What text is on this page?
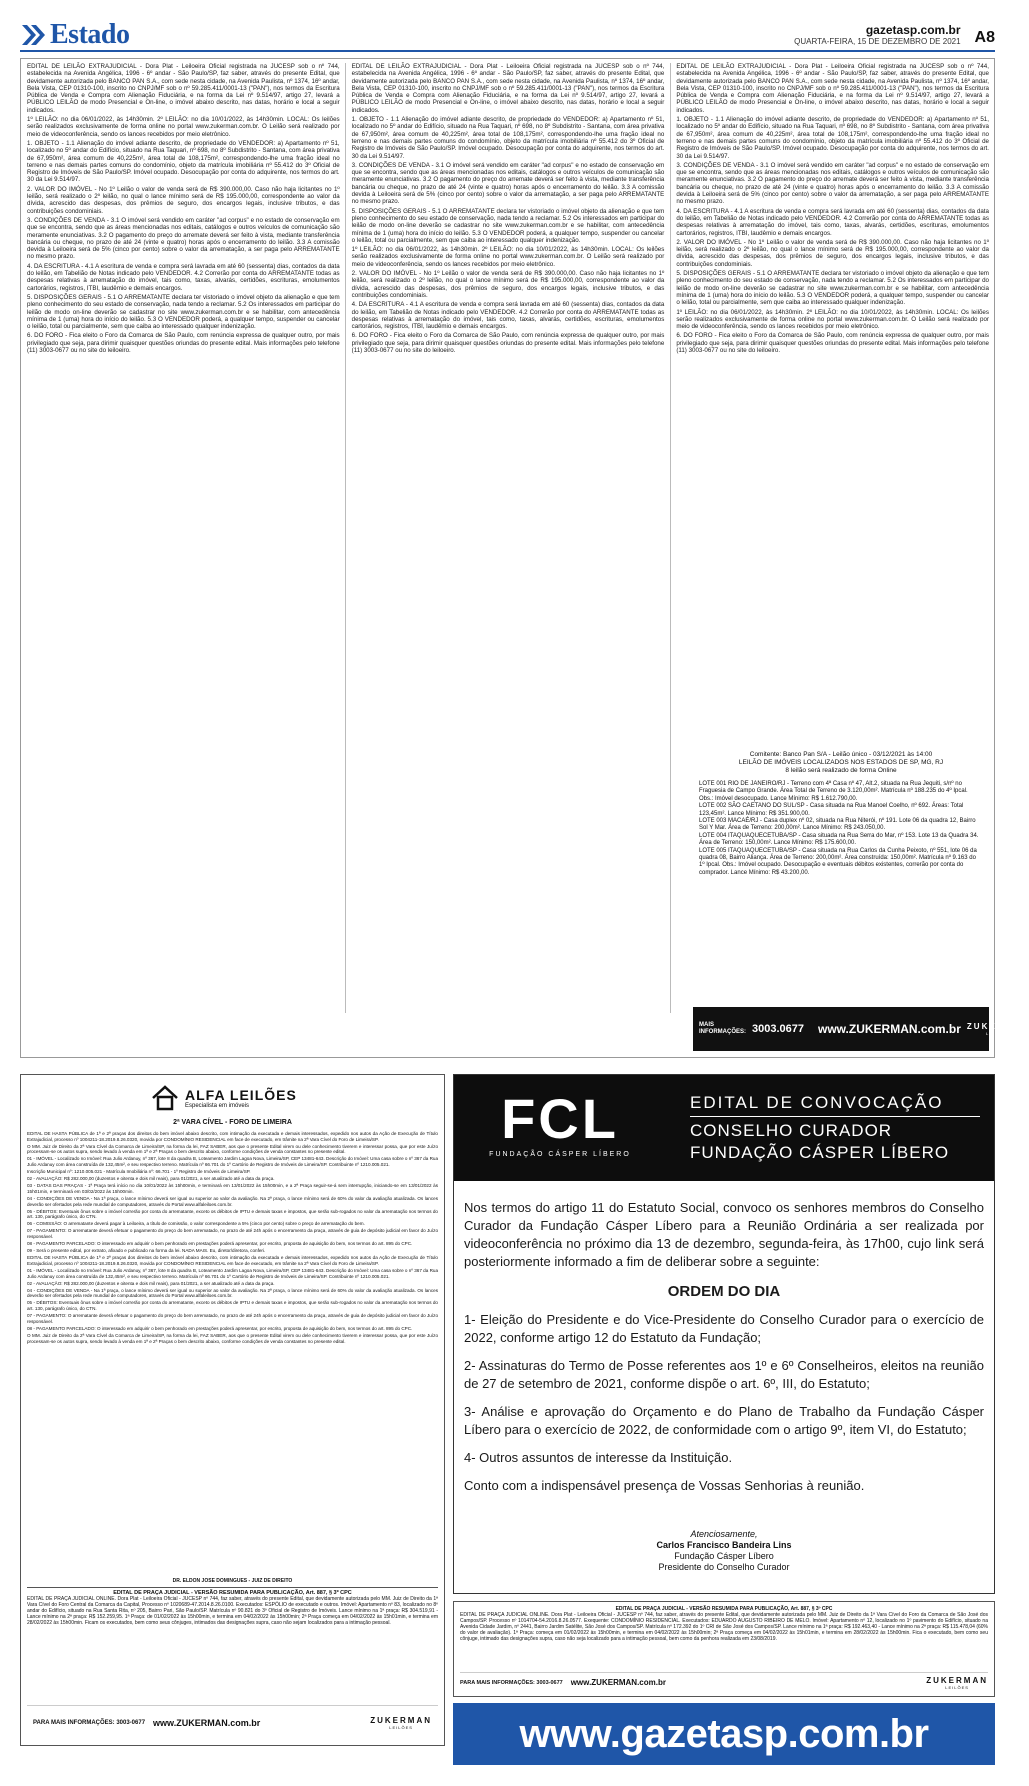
Estado	gazetasp.com.br
QUARTA-FEIRA, 15 DE DEZEMBRO DE 2021 A8

EDITAL DE LEILÃO EXTRAJUDICIAL - Dora Plat - Leiloeira Oficial registrada na JUCESP sob o nº 744, estabelecida na Avenida Angélica, 1996 - 6º andar - São Paulo/SP, faz saber, através do presente Edital, que devidamente autorizada pelo BANCO PAN S.A., com sede nesta cidade, na Avenida Paulista, nº 1374, 16º andar, Bela Vista, CEP 01310-100, inscrito no CNPJ/MF sob o nº 59.285.411/0001-13 ("PAN"), nos termos da Escritura Pública de Venda e Compra com Alienação Fiduciária, e na forma da Lei nº 9.514/97, artigo 27, levará a PÚBLICO LEILÃO de modo Presencial e On-line, o imóvel abaixo descrito, nas datas, horário e local a seguir indicados.

1º LEILÃO: no dia 06/01/2022, às 14h30min. 2º LEILÃO: no dia 10/01/2022, às 14h30min. LOCAL: Os leilões serão realizados exclusivamente de forma online no portal www.zukerman.com.br. O Leilão será realizado por meio de videoconferência, sendo os lances recebidos por meio eletrônico.

1. OBJETO - 1.1 Alienação do imóvel adiante descrito, de propriedade do VENDEDOR: a) Apartamento nº 51, localizado no 5º andar do Edifício, situado na Rua Taquari, nº 698, no 8º Subdistrito - Santana, com área privativa de 67,950m², área comum de 40,225m², área total de 108,175m², correspondendo-lhe uma fração ideal no terreno e nas demais partes comuns do condomínio, objeto da matrícula imobiliária nº 55.412 do 3º Oficial de Registro de Imóveis de São Paulo/SP. Imóvel ocupado. Desocupação por conta do adquirente, nos termos do art. 30 da Lei 9.514/97.

2. VALOR DO IMÓVEL - No 1º Leilão o valor de venda será de R$ 390.000,00. Caso não haja licitantes no 1º leilão, será realizado o 2º leilão, no qual o lance mínimo será de R$ 195.000,00, correspondente ao valor da dívida, acrescido das despesas, dos prêmios de seguro, dos encargos legais, inclusive tributos, e das contribuições condominiais.

3. CONDIÇÕES DE VENDA - 3.1 O imóvel será vendido em caráter "ad corpus" e no estado de conservação em que se encontra, sendo que as áreas mencionadas nos editais, catálogos e outros veículos de comunicação são meramente enunciativas. 3.2 O pagamento do preço do arremate deverá ser feito à vista, mediante transferência bancária ou cheque, no prazo de até 24 (vinte e quatro) horas após o encerramento do leilão. 3.3 A comissão devida à Leiloeira será de 5% (cinco por cento) sobre o valor da arrematação, a ser paga pelo ARREMATANTE no mesmo prazo.

4. DA ESCRITURA - 4.1 A escritura de venda e compra será lavrada em até 60 (sessenta) dias, contados da data do leilão, em Tabelião de Notas indicado pelo VENDEDOR. 4.2 Correrão por conta do ARREMATANTE todas as despesas relativas à arrematação do imóvel, tais como, taxas, alvarás, certidões, escrituras, emolumentos cartorários, registros, ITBI, laudêmio e demais encargos.

5. DISPOSIÇÕES GERAIS - 5.1 O ARREMATANTE declara ter vistoriado o imóvel objeto da alienação e que tem pleno conhecimento do seu estado de conservação, nada tendo a reclamar. 5.2 Os interessados em participar do leilão de modo on-line deverão se cadastrar no site www.zukerman.com.br e se habilitar, com antecedência mínima de 1 (uma) hora do início do leilão. 5.3 O VENDEDOR poderá, a qualquer tempo, suspender ou cancelar o leilão, total ou parcialmente, sem que caiba ao interessado qualquer indenização.

6. DO FORO - Fica eleito o Foro da Comarca de São Paulo, com renúncia expressa de qualquer outro, por mais privilegiado que seja, para dirimir quaisquer questões oriundas do presente edital. Mais informações pelo telefone (11) 3003-0677 ou no site do leiloeiro.

EDITAL DE LEILÃO EXTRAJUDICIAL - Dora Plat - Leiloeira Oficial registrada na JUCESP sob o nº 744, estabelecida na Avenida Angélica, 1996 - 6º andar - São Paulo/SP, faz saber, através do presente Edital, que devidamente autorizada pelo BANCO PAN S.A., com sede nesta cidade, na Avenida Paulista, nº 1374, 16º andar, Bela Vista, CEP 01310-100, inscrito no CNPJ/MF sob o nº 59.285.411/0001-13 ("PAN"), nos termos da Escritura Pública de Venda e Compra com Alienação Fiduciária, e na forma da Lei nº 9.514/97, artigo 27, levará a PÚBLICO LEILÃO de modo Presencial e On-line, o imóvel abaixo descrito, nas datas, horário e local a seguir indicados.

1. OBJETO - 1.1 Alienação do imóvel adiante descrito, de propriedade do VENDEDOR: a) Apartamento nº 51, localizado no 5º andar do Edifício, situado na Rua Taquari, nº 698, no 8º Subdistrito - Santana, com área privativa de 67,950m², área comum de 40,225m², área total de 108,175m², correspondendo-lhe uma fração ideal no terreno e nas demais partes comuns do condomínio, objeto da matrícula imobiliária nº 55.412 do 3º Oficial de Registro de Imóveis de São Paulo/SP. Imóvel ocupado. Desocupação por conta do adquirente, nos termos do art. 30 da Lei 9.514/97.

3. CONDIÇÕES DE VENDA - 3.1 O imóvel será vendido em caráter "ad corpus" e no estado de conservação em que se encontra, sendo que as áreas mencionadas nos editais, catálogos e outros veículos de comunicação são meramente enunciativas. 3.2 O pagamento do preço do arremate deverá ser feito à vista, mediante transferência bancária ou cheque, no prazo de até 24 (vinte e quatro) horas após o encerramento do leilão. 3.3 A comissão devida à Leiloeira será de 5% (cinco por cento) sobre o valor da arrematação, a ser paga pelo ARREMATANTE no mesmo prazo.

5. DISPOSIÇÕES GERAIS - 5.1 O ARREMATANTE declara ter vistoriado o imóvel objeto da alienação e que tem pleno conhecimento do seu estado de conservação, nada tendo a reclamar. 5.2 Os interessados em participar do leilão de modo on-line deverão se cadastrar no site www.zukerman.com.br e se habilitar, com antecedência mínima de 1 (uma) hora do início do leilão. 5.3 O VENDEDOR poderá, a qualquer tempo, suspender ou cancelar o leilão, total ou parcialmente, sem que caiba ao interessado qualquer indenização.

1º LEILÃO: no dia 06/01/2022, às 14h30min. 2º LEILÃO: no dia 10/01/2022, às 14h30min. LOCAL: Os leilões serão realizados exclusivamente de forma online no portal www.zukerman.com.br. O Leilão será realizado por meio de videoconferência, sendo os lances recebidos por meio eletrônico.

2. VALOR DO IMÓVEL - No 1º Leilão o valor de venda será de R$ 390.000,00. Caso não haja licitantes no 1º leilão, será realizado o 2º leilão, no qual o lance mínimo será de R$ 195.000,00, correspondente ao valor da dívida, acrescido das despesas, dos prêmios de seguro, dos encargos legais, inclusive tributos, e das contribuições condominiais.

4. DA ESCRITURA - 4.1 A escritura de venda e compra será lavrada em até 60 (sessenta) dias, contados da data do leilão, em Tabelião de Notas indicado pelo VENDEDOR. 4.2 Correrão por conta do ARREMATANTE todas as despesas relativas à arrematação do imóvel, tais como, taxas, alvarás, certidões, escrituras, emolumentos cartorários, registros, ITBI, laudêmio e demais encargos.

6. DO FORO - Fica eleito o Foro da Comarca de São Paulo, com renúncia expressa de qualquer outro, por mais privilegiado que seja, para dirimir quaisquer questões oriundas do presente edital. Mais informações pelo telefone (11) 3003-0677 ou no site do leiloeiro.

EDITAL DE LEILÃO EXTRAJUDICIAL - Dora Plat - Leiloeira Oficial registrada na JUCESP sob o nº 744, estabelecida na Avenida Angélica, 1996 - 6º andar - São Paulo/SP, faz saber, através do presente Edital, que devidamente autorizada pelo BANCO PAN S.A., com sede nesta cidade, na Avenida Paulista, nº 1374, 16º andar, Bela Vista, CEP 01310-100, inscrito no CNPJ/MF sob o nº 59.285.411/0001-13 ("PAN"), nos termos da Escritura Pública de Venda e Compra com Alienação Fiduciária, e na forma da Lei nº 9.514/97, artigo 27, levará a PÚBLICO LEILÃO de modo Presencial e On-line, o imóvel abaixo descrito, nas datas, horário e local a seguir indicados.

1. OBJETO - 1.1 Alienação do imóvel adiante descrito, de propriedade do VENDEDOR: a) Apartamento nº 51, localizado no 5º andar do Edifício, situado na Rua Taquari, nº 698, no 8º Subdistrito - Santana, com área privativa de 67,950m², área comum de 40,225m², área total de 108,175m², correspondendo-lhe uma fração ideal no terreno e nas demais partes comuns do condomínio, objeto da matrícula imobiliária nº 55.412 do 3º Oficial de Registro de Imóveis de São Paulo/SP. Imóvel ocupado. Desocupação por conta do adquirente, nos termos do art. 30 da Lei 9.514/97.

3. CONDIÇÕES DE VENDA - 3.1 O imóvel será vendido em caráter "ad corpus" e no estado de conservação em que se encontra, sendo que as áreas mencionadas nos editais, catálogos e outros veículos de comunicação são meramente enunciativas. 3.2 O pagamento do preço do arremate deverá ser feito à vista, mediante transferência bancária ou cheque, no prazo de até 24 (vinte e quatro) horas após o encerramento do leilão. 3.3 A comissão devida à Leiloeira será de 5% (cinco por cento) sobre o valor da arrematação, a ser paga pelo ARREMATANTE no mesmo prazo.

4. DA ESCRITURA - 4.1 A escritura de venda e compra será lavrada em até 60 (sessenta) dias, contados da data do leilão, em Tabelião de Notas indicado pelo VENDEDOR. 4.2 Correrão por conta do ARREMATANTE todas as despesas relativas à arrematação do imóvel, tais como, taxas, alvarás, certidões, escrituras, emolumentos cartorários, registros, ITBI, laudêmio e demais encargos.

2. VALOR DO IMÓVEL - No 1º Leilão o valor de venda será de R$ 390.000,00. Caso não haja licitantes no 1º leilão, será realizado o 2º leilão, no qual o lance mínimo será de R$ 195.000,00, correspondente ao valor da dívida, acrescido das despesas, dos prêmios de seguro, dos encargos legais, inclusive tributos, e das contribuições condominiais.

5. DISPOSIÇÕES GERAIS - 5.1 O ARREMATANTE declara ter vistoriado o imóvel objeto da alienação e que tem pleno conhecimento do seu estado de conservação, nada tendo a reclamar. 5.2 Os interessados em participar do leilão de modo on-line deverão se cadastrar no site www.zukerman.com.br e se habilitar, com antecedência mínima de 1 (uma) hora do início do leilão. 5.3 O VENDEDOR poderá, a qualquer tempo, suspender ou cancelar o leilão, total ou parcialmente, sem que caiba ao interessado qualquer indenização.

1º LEILÃO: no dia 06/01/2022, às 14h30min. 2º LEILÃO: no dia 10/01/2022, às 14h30min. LOCAL: Os leilões serão realizados exclusivamente de forma online no portal www.zukerman.com.br. O Leilão será realizado por meio de videoconferência, sendo os lances recebidos por meio eletrônico.

6. DO FORO - Fica eleito o Foro da Comarca de São Paulo, com renúncia expressa de qualquer outro, por mais privilegiado que seja, para dirimir quaisquer questões oriundas do presente edital. Mais informações pelo telefone (11) 3003-0677 ou no site do leiloeiro.

Comitente: Banco Pan S/A - Leilão único - 03/12/2021 às 14:00
LEILÃO DE IMÓVEIS LOCALIZADOS NOS ESTADOS DE SP, MG, RJ
8 leilão será realizado de forma Online

LOTE 001 RIO DE JANEIRO/RJ - Terreno com 4ª Casa nº 47, Alt.2, situada na Rua Jequiti, s/nº no Fraguesia de Campo Grande. Área Total de Terreno de 3.120,00m². Matrícula nº 188.235 do 4º Ipcal. Obs.: Imóvel desocupado. Lance Mínimo: R$ 1.612.790,00.

LOTE 002 SÃO CAETANO DO SUL/SP - Casa situada na Rua Manoel Coelho, nº 692. Áreas: Total 123,45m². Lance Mínimo: R$ 351.900,00.

LOTE 003 MACAÉ/RJ - Casa duplex nº 02, situada na Rua Niterói, nº 191. Lote 06 da quadra 12, Bairro Sol Y Mar. Área de Terreno: 200,00m². Lance Mínimo: R$ 243.050,00.

LOTE 004 ITAQUAQUECETUBA/SP - Casa situada na Rua Serra do Mar, nº 153. Lote 13 da Quadra 34. Área de Terreno: 150,00m². Lance Mínimo: R$ 175.600,00.

LOTE 005 ITAQUAQUECETUBA/SP - Casa situada na Rua Carlos da Cunha Peixoto, nº 551, lote 06 da quadra 08, Bairro Aliança. Área de Terreno: 200,00m². Área construída: 150,00m². Matrícula nº 9.163 do 1º Ipcal. Obs.: Imóvel ocupado. Desocupação e eventuais débitos existentes, correrão por conta do comprador. Lance Mínimo: R$ 43.200,00.

MAIS INFORMAÇÕES: 3003.0677 www.ZUKERMAN.com.br ZUKERMAN
LEILÕES
ALFA LEILÕES
Especialista em imóveis
2ª VARA CÍVEL - FORO DE LIMEIRA

EDITAL DE HASTA PÚBLICA de 1ª e 2ª praças dos direitos do bem imóvel abaixo descrito, com intimação da executada e demais interessados, expedido nos autos da Ação de Execução de Título Extrajudicial, processo nº 1004211-18.2019.8.26.0320, movida por CONDOMÍNIO RESIDENCIAL em face de executado, em trâmite na 2ª Vara Cível do Foro de Limeira/SP.

O MM. Juiz de Direito da 2ª Vara Cível da Comarca de Limeira/SP, na forma da lei, FAZ SABER, aos que o presente Edital virem ou dele conhecimento tiverem e interessar possa, que por este Juízo processam-se os autos supra, sendo levado à venda em 1ª e 2ª Praças o bem descrito abaixo, conforme condições de venda constantes no presente edital.

01 - IMÓVEL - Localizado no Imóvel: Rua Julio Ardanuy, nº 367, lote 8 da quadra B, Loteamento Jardim Lagoa Nova, Limeira/SP, CEP 13481-643. Descrição do Imóvel: Uma casa sobre o nº 367 da Rua Julio Ardanuy com área construída de 132,45m², e seu respectivo terreno. Matrícula nº 66.701 do 1º Cartório de Registro de Imóveis de Limeira/SP. Contribuinte nº 1210.005.021.

Inscrição Municipal nº: 1210.005.021 - Matrícula Imobiliária nº: 66.701 - 1º Registro de Imóveis de Limeira/SP.

02 - AVALIAÇÃO: R$ 282.000,00 (duzentos e oitenta e dois mil reais), para 01/2021, a ser atualizado até a data da praça.

03 - DATAS DAS PRAÇAS - 1ª Praça terá início no dia 10/01/2022 às 15h00min, e terminará em 13/01/2022 às 15h00min, e a 2ª Praça seguir-se-á sem interrupção, iniciando-se em 13/01/2022 às 15h01min, e terminará em 03/02/2022 às 15h00min.

04 - CONDIÇÕES DE VENDA - Na 1ª praça, o lance mínimo deverá ser igual ou superior ao valor da avaliação. Na 2ª praça, o lance mínimo será de 60% do valor da avaliação atualizada. Os lances deverão ser ofertados pela rede mundial de computadores, através do Portal www.alfaleiloes.com.br.

05 - DÉBITOS: Eventuais ônus sobre o imóvel correrão por conta do arrematante, exceto os débitos de IPTU e demais taxas e impostos, que serão sub-rogados no valor da arrematação nos termos do art. 130, parágrafo único, do CTN.

06 - COMISSÃO: O arrematante deverá pagar à Leiloeira, a título de comissão, o valor correspondente a 5% (cinco por cento) sobre o preço de arrematação do bem.

07 - PAGAMENTO: O arrematante deverá efetuar o pagamento do preço do bem arrematado, no prazo de até 24h após o encerramento da praça, através de guia de depósito judicial em favor do Juízo responsável.

08 - PAGAMENTO PARCELADO: O interessado em adquirir o bem penhorado em prestações poderá apresentar, por escrito, proposta de aquisição do bem, nos termos do art. 895 do CPC.

09 - Será o presente edital, por extrato, afixado e publicado na forma da lei. NADA MAIS. Eu, diretor/diretora, conferi.

EDITAL DE HASTA PÚBLICA de 1ª e 2ª praças dos direitos do bem imóvel abaixo descrito, com intimação da executada e demais interessados, expedido nos autos da Ação de Execução de Título Extrajudicial, processo nº 1004211-18.2019.8.26.0320, movida por CONDOMÍNIO RESIDENCIAL em face de executado, em trâmite na 2ª Vara Cível do Foro de Limeira/SP.

01 - IMÓVEL - Localizado no Imóvel: Rua Julio Ardanuy, nº 367, lote 8 da quadra B, Loteamento Jardim Lagoa Nova, Limeira/SP, CEP 13481-643. Descrição do Imóvel: Uma casa sobre o nº 367 da Rua Julio Ardanuy com área construída de 132,45m², e seu respectivo terreno. Matrícula nº 66.701 do 1º Cartório de Registro de Imóveis de Limeira/SP. Contribuinte nº 1210.005.021.

02 - AVALIAÇÃO: R$ 282.000,00 (duzentos e oitenta e dois mil reais), para 01/2021, a ser atualizado até a data da praça.

04 - CONDIÇÕES DE VENDA - Na 1ª praça, o lance mínimo deverá ser igual ou superior ao valor da avaliação. Na 2ª praça, o lance mínimo será de 60% do valor da avaliação atualizada. Os lances deverão ser ofertados pela rede mundial de computadores, através do Portal www.alfaleiloes.com.br.

05 - DÉBITOS: Eventuais ônus sobre o imóvel correrão por conta do arrematante, exceto os débitos de IPTU e demais taxas e impostos, que serão sub-rogados no valor da arrematação nos termos do art. 130, parágrafo único, do CTN.

07 - PAGAMENTO: O arrematante deverá efetuar o pagamento do preço do bem arrematado, no prazo de até 24h após o encerramento da praça, através de guia de depósito judicial em favor do Juízo responsável.

08 - PAGAMENTO PARCELADO: O interessado em adquirir o bem penhorado em prestações poderá apresentar, por escrito, proposta de aquisição do bem, nos termos do art. 895 do CPC.

O MM. Juiz de Direito da 2ª Vara Cível da Comarca de Limeira/SP, na forma da lei, FAZ SABER, aos que o presente Edital virem ou dele conhecimento tiverem e interessar possa, que por este Juízo processam-se os autos supra, sendo levado à venda em 1ª e 2ª Praças o bem descrito abaixo, conforme condições de venda constantes no presente edital.

DR. ELDON JOSE DOMINGUES - JUIZ DE DIREITO
EDITAL DE PRAÇA JUDICIAL - VERSÃO RESUMIDA PARA PUBLICAÇÃO, Art. 887, § 3º CPC
EDITAL DE PRAÇA JUDICIAL ONLINE. Dora Plat - Leiloeira Oficial - JUCESP nº 744, faz saber, através do presente Edital, que devidamente autorizada pelo MM. Juiz de Direito da 1ª Vara Cível do Foro Central da Comarca da Capital, Processo nº 1020689-47.2014.8.26.0100. Executados: ESPÓLIO de executado e outros. Imóvel: Apartamento nº 83, localizado no 8º andar do Edifício, situado na Rua Santa Rita, nº 205, Bairro Pari, São Paulo/SP. Matrícula nº 90.821 do 3º Oficial de Registro de Imóveis. Lance mínimo na 1ª praça: R$ 304.519,91 - Lance mínimo na 2ª praça: R$ 152.259,95. 1ª Praça: de 01/02/2022 às 15h00min, e termina em 04/02/2022 às 15h00min; 2ª Praça começa em 04/02/2022 às 15h01min, e termina em 28/02/2022 às 15h00min. Ficam os executados, bem como seus cônjuges, intimados das designações supra, caso não sejam localizados para a intimação pessoal.
PARA MAIS INFORMAÇÕES: 3003-0677 www.ZUKERMAN.com.br	ZUKERMAN
LEILÕES
FCL
FUNDAÇÃO CÁSPER LÍBERO
EDITAL DE CONVOCAÇÃO
CONSELHO CURADOR
FUNDAÇÃO CÁSPER LÍBERO

Nos termos do artigo 11 do Estatuto Social, convoco os senhores membros do Conselho Curador da Fundação Cásper Líbero para a Reunião Ordinária a ser realizada por videoconferência no próximo dia 13 de dezembro, segunda-feira, às 17h00, cujo link será posteriormente informado a fim de deliberar sobre a seguinte:

ORDEM DO DIA

1- Eleição do Presidente e do Vice-Presidente do Conselho Curador para o exercício de 2022, conforme artigo 12 do Estatuto da Fundação;

2- Assinaturas do Termo de Posse referentes aos 1º e 6º Conselheiros, eleitos na reunião de 27 de setembro de 2021, conforme dispõe o art. 6º, III, do Estatuto;

3- Análise e aprovação do Orçamento e do Plano de Trabalho da Fundação Cásper Líbero para o exercício de 2022, de conformidade com o artigo 9º, item VI, do Estatuto;

4- Outros assuntos de interesse da Instituição.

Conto com a indispensável presença de Vossas Senhorias à reunião.

Atenciosamente,
Carlos Francisco Bandeira Lins
Fundação Cásper Líbero
Presidente do Conselho Curador
EDITAL DE PRAÇA JUDICIAL - VERSÃO RESUMIDA PARA PUBLICAÇÃO, Art. 887, § 3º CPC
EDITAL DE PRAÇA JUDICIAL ONLINE. Dora Plat - Leiloeira Oficial - JUCESP nº 744, faz saber, através do presente Edital, que devidamente autorizada pelo MM. Juiz de Direito da 1ª Vara Cível do Foro da Comarca de São José dos Campos/SP. Processo nº 1014704-54.2016.8.26.0577. Exequente: CONDOMÍNIO RESIDENCIAL. Executados: EDUARDO AUGUSTO RIBEIRO DE MELO. Imóvel: Apartamento nº 12, localizado no 1º pavimento do Edifício, situado na Avenida Cidade Jardim, nº 2441, Bairro Jardim Satélite, São José dos Campos/SP. Matrícula nº 172.392 do 1º CRI de São José dos Campos/SP. Lance mínimo na 1ª praça: R$ 192.463,40 - Lance mínimo na 2ª praça: R$ 115.478,04 (60% do valor de avaliação). 1ª Praça: começa em 01/02/2022 às 15h00min, e termina em 04/02/2022 às 15h00min; 2ª Praça começa em 04/02/2022 às 15h01min, e termina em 28/02/2022 às 15h00min. Fica o executado, bem como seu cônjuge, intimado das designações supra, caso não seja localizado para a intimação pessoal, bem como da penhora realizada em 23/08/2019.
PARA MAIS INFORMAÇÕES: 3003-0677 www.ZUKERMAN.com.br	ZUKERMAN
LEILÕES
www.gazetasp.com.br
